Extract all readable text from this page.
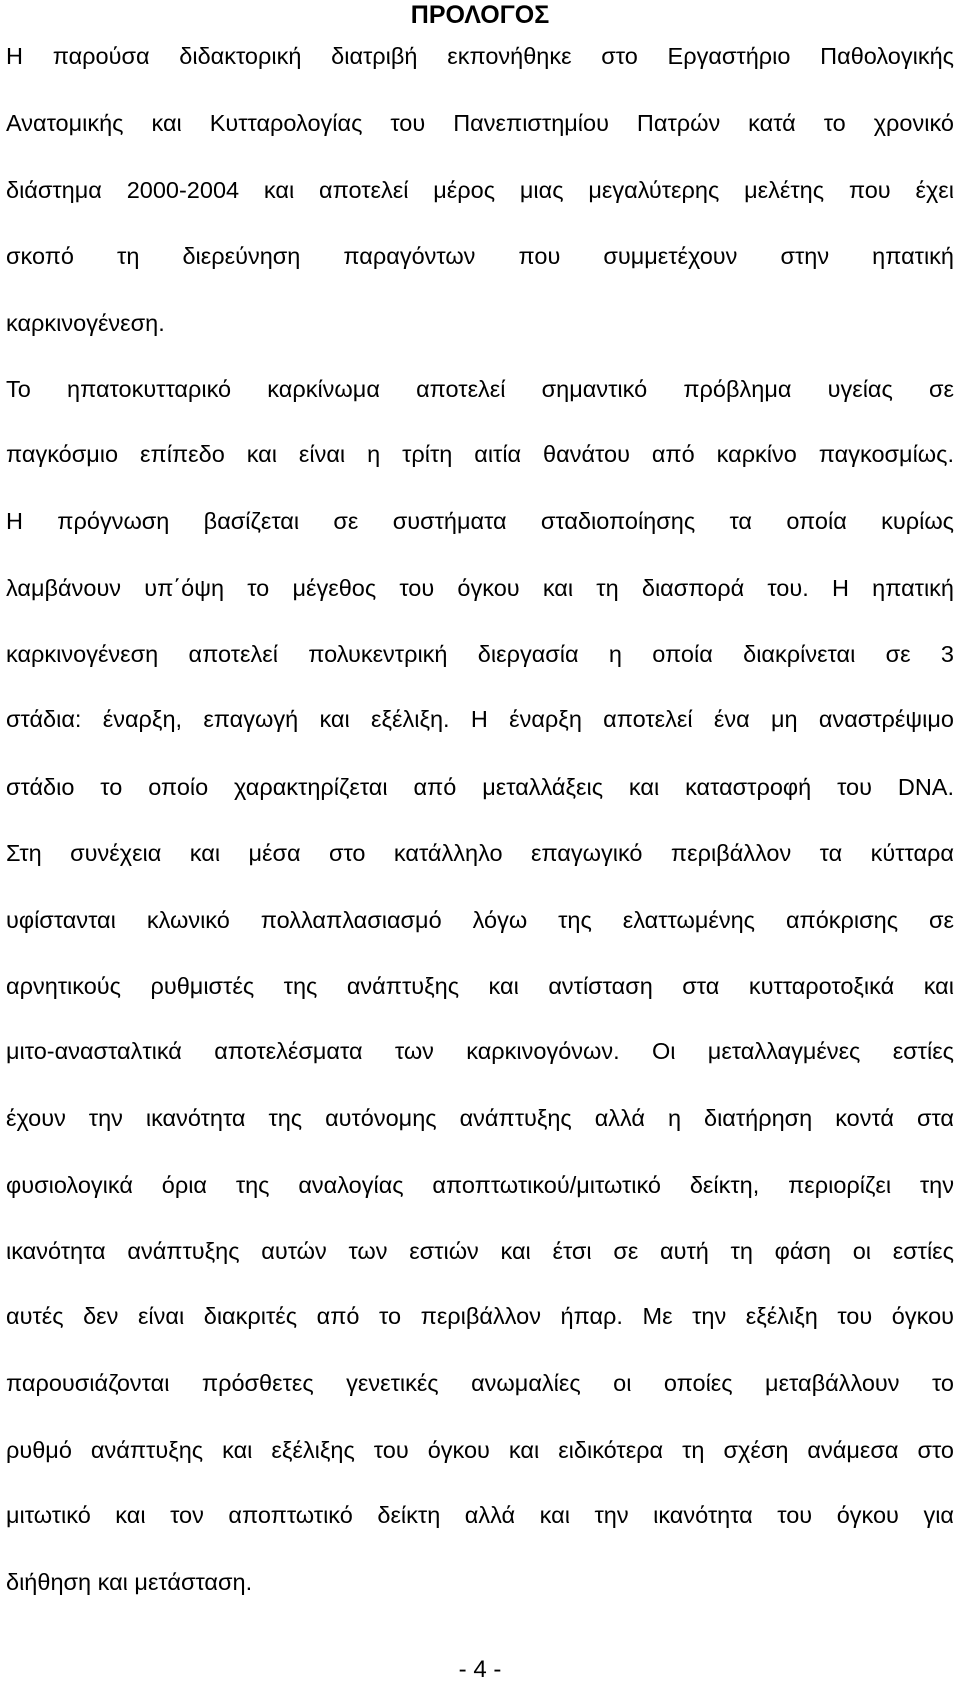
ΠΡΟΛΟΓΟΣ
Η παρούσα διδακτορική διατριβή εκπονήθηκε στο Εργαστήριο Παθολογικής
Ανατομικής και Κυτταρολογίας του Πανεπιστημίου Πατρών κατά το χρονικό
διάστημα 2000-2004 και αποτελεί μέρος μιας μεγαλύτερης μελέτης που έχει
σκοπό τη διερεύνηση παραγόντων που συμμετέχουν στην ηπατική
καρκινογένεση.
Το ηπατοκυτταρικό καρκίνωμα αποτελεί σημαντικό πρόβλημα υγείας σε
παγκόσμιο επίπεδο και είναι η τρίτη αιτία θανάτου από καρκίνο παγκοσμίως.
Η πρόγνωση βασίζεται σε συστήματα σταδιοποίησης τα οποία κυρίως
λαμβάνουν υπ΄όψη το μέγεθος του όγκου και τη διασπορά του. Η ηπατική
καρκινογένεση αποτελεί πολυκεντρική διεργασία η οποία διακρίνεται σε 3
στάδια: έναρξη, επαγωγή και εξέλιξη. Η έναρξη αποτελεί ένα μη αναστρέψιμο
στάδιο το οποίο χαρακτηρίζεται από μεταλλάξεις και καταστροφή του DNA.
Στη συνέχεια και μέσα στο κατάλληλο επαγωγικό περιβάλλον τα κύτταρα
υφίστανται κλωνικό πολλαπλασιασμό λόγω της ελαττωμένης απόκρισης σε
αρνητικούς ρυθμιστές της ανάπτυξης και αντίσταση στα κυτταροτοξικά και
μιτο-ανασταλτικά αποτελέσματα των καρκινογόνων. Οι μεταλλαγμένες εστίες
έχουν την ικανότητα της αυτόνομης ανάπτυξης αλλά η διατήρηση κοντά στα
φυσιολογικά όρια της αναλογίας αποπτωτικού/μιτωτικό δείκτη, περιορίζει την
ικανότητα ανάπτυξης αυτών των εστιών και έτσι σε αυτή τη φάση οι εστίες
αυτές δεν είναι διακριτές από το περιβάλλον ήπαρ. Με την εξέλιξη του όγκου
παρουσιάζονται πρόσθετες γενετικές ανωμαλίες οι οποίες μεταβάλλουν το
ρυθμό ανάπτυξης και εξέλιξης του όγκου και ειδικότερα τη σχέση ανάμεσα στο
μιτωτικό και τον αποπτωτικό δείκτη αλλά και την ικανότητα του όγκου για
διήθηση και μετάσταση.
- 4 -
